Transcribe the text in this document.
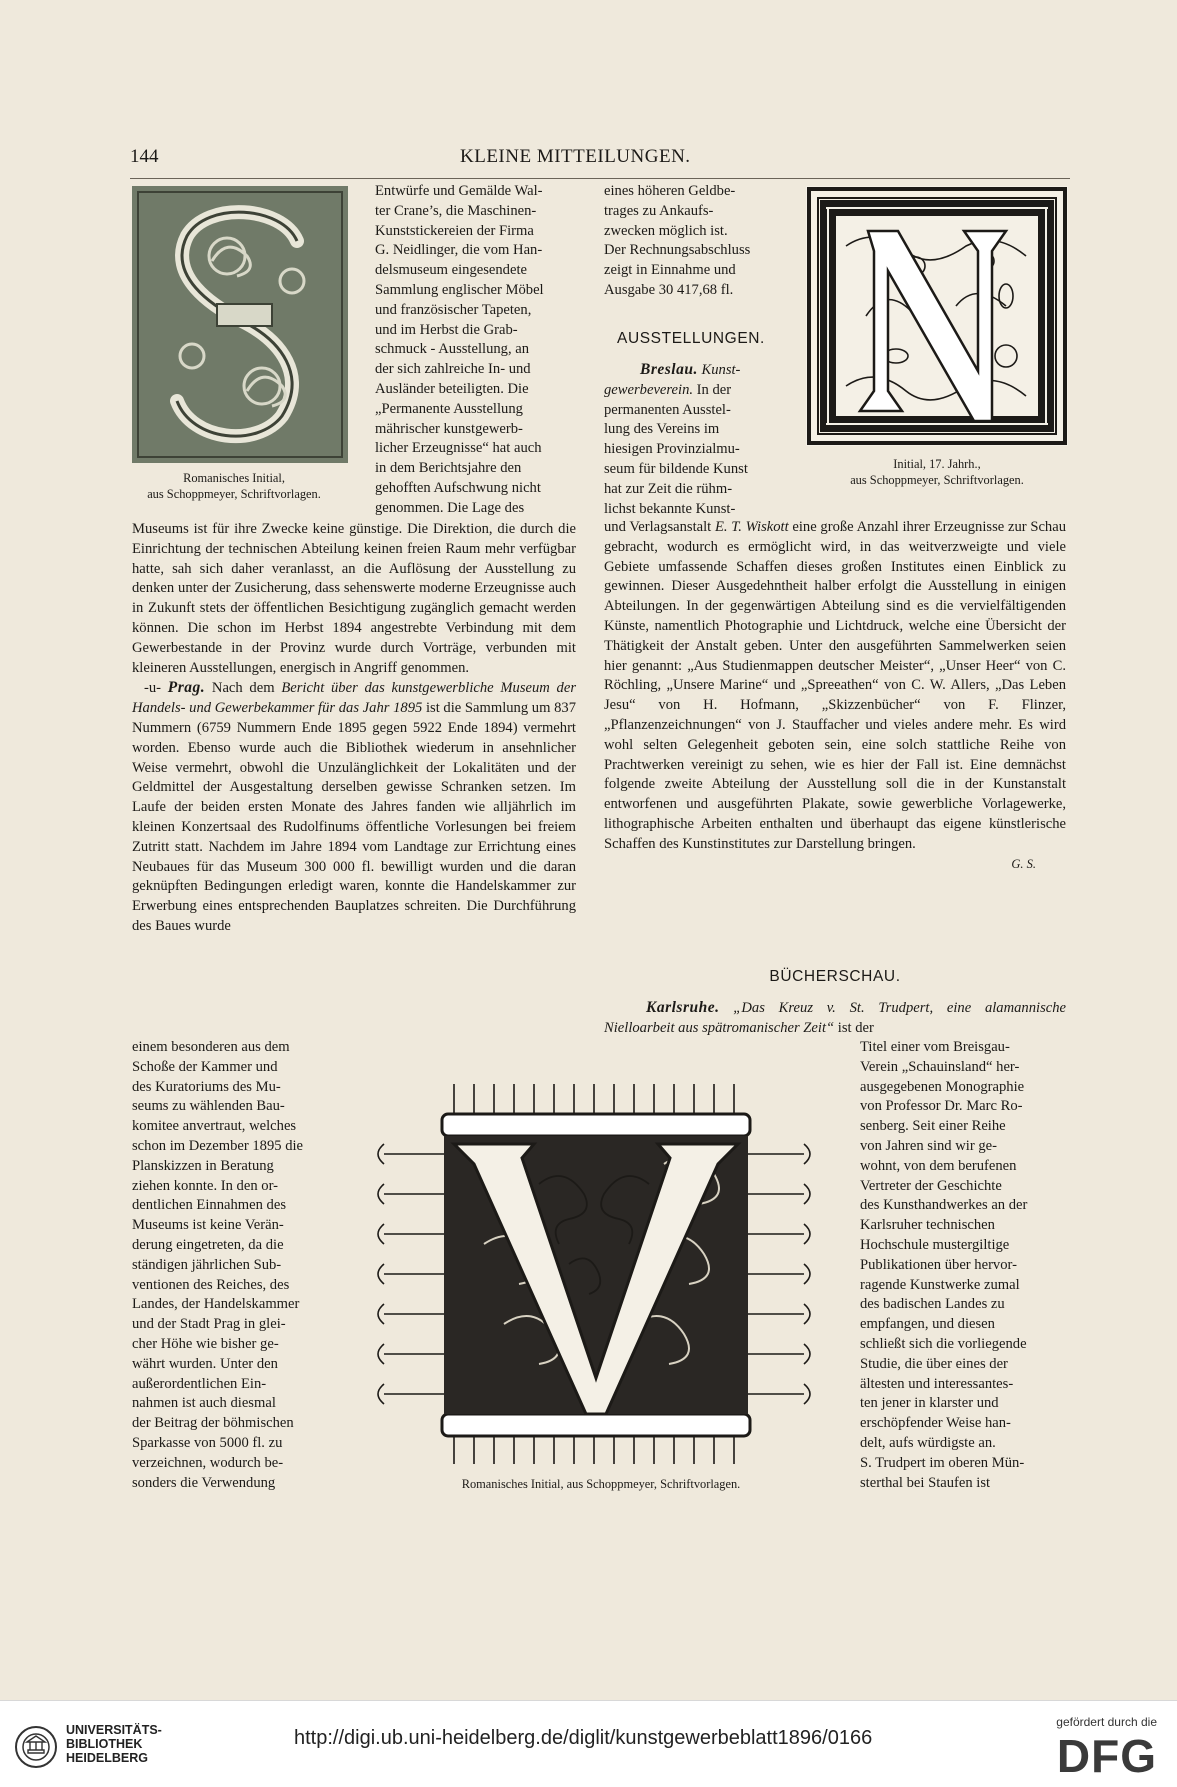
144	KLEINE MITTEILUNGEN.
Romanisches Initial,
aus Schoppmeyer, Schriftvorlagen.

Entwürfe und Gemälde Wal-

ter Crane’s, die Maschinen-

Kunststickereien der Firma

G. Neidlinger, die vom Han-

delsmuseum eingesendete

Sammlung englischer Möbel

und französischer Tapeten,

und im Herbst die Grab-

schmuck - Ausstellung, an

der sich zahlreiche In- und

Ausländer beteiligten. Die

„Permanente Ausstellung

mährischer kunstgewerb-

licher Erzeugnisse“ hat auch

in dem Berichtsjahre den

gehofften Aufschwung nicht

genommen. Die Lage des

Museums ist für ihre Zwecke keine günstige. Die Direktion, die durch die Einrichtung der technischen Abteilung keinen freien Raum mehr verfügbar hatte, sah sich daher veranlasst, an die Auflösung der Ausstellung zu denken unter der Zusicherung, dass sehenswerte moderne Erzeugnisse auch in Zukunft stets der öffentlichen Besichtigung zugänglich gemacht werden können. Die schon im Herbst 1894 angestrebte Verbindung mit dem Gewerbestande in der Provinz wurde durch Vorträge, verbunden mit kleineren Ausstellungen, energisch in Angriff genommen.

-u- Prag. Nach dem Bericht über das kunstgewerbliche Museum der Handels- und Gewerbekammer für das Jahr 1895 ist die Sammlung um 837 Nummern (6759 Nummern Ende 1895 gegen 5922 Ende 1894) vermehrt worden. Ebenso wurde auch die Bibliothek wiederum in ansehnlicher Weise vermehrt, obwohl die Unzulänglichkeit der Lokalitäten und der Geldmittel der Ausgestaltung derselben gewisse Schranken setzen. Im Laufe der beiden ersten Monate des Jahres fanden wie alljährlich im kleinen Konzertsaal des Rudolfinums öffentliche Vorlesungen bei freiem Zutritt statt. Nachdem im Jahre 1894 vom Landtage zur Errichtung eines Neubaues für das Museum 300 000 fl. bewilligt wurden und die daran geknüpften Bedingungen erledigt waren, konnte die Handelskammer zur Erwerbung eines entsprechenden Bauplatzes schreiten. Die Durchführung des Baues wurde

einem besonderen aus dem

Schoße der Kammer und

des Kuratoriums des Mu-

seums zu wählenden Bau-

komitee anvertraut, welches

schon im Dezember 1895 die

Planskizzen in Beratung

ziehen konnte. In den or-

dentlichen Einnahmen des

Museums ist keine Verän-

derung eingetreten, da die

ständigen jährlichen Sub-

ventionen des Reiches, des

Landes, der Handelskammer

und der Stadt Prag in glei-

cher Höhe wie bisher ge-

währt wurden. Unter den

außerordentlichen Ein-

nahmen ist auch diesmal

der Beitrag der böhmischen

Sparkasse von 5000 fl. zu

verzeichnen, wodurch be-

sonders die Verwendung

eines höheren Geldbe-

trages zu Ankaufs-

zwecken möglich ist.

Der Rechnungsabschluss

zeigt in Einnahme und

Ausgabe 30 417,68 fl.

AUSSTELLUNGEN.

Breslau. Kunst-

gewerbeverein. In der

permanenten Ausstel-

lung des Vereins im

hiesigen Provinzialmu-

seum für bildende Kunst

hat zur Zeit die rühm-

lichst bekannte Kunst-

Initial, 17. Jahrh.,
aus Schoppmeyer, Schriftvorlagen.

und Verlagsanstalt E. T. Wiskott eine große Anzahl ihrer Erzeugnisse zur Schau gebracht, wodurch es ermöglicht wird, in das weitverzweigte und viele Gebiete umfassende Schaffen dieses großen Institutes einen Einblick zu gewinnen. Dieser Ausgedehntheit halber erfolgt die Ausstellung in einigen Abteilungen. In der gegenwärtigen Abteilung sind es die vervielfältigenden Künste, namentlich Photographie und Lichtdruck, welche eine Übersicht der Thätigkeit der Anstalt geben. Unter den ausgeführten Sammelwerken seien hier genannt: „Aus Studienmappen deutscher Meister“, „Unser Heer“ von C. Röchling, „Unsere Marine“ und „Spreeathen“ von C. W. Allers, „Das Leben Jesu“ von H. Hofmann, „Skizzenbücher“ von F. Flinzer, „Pflanzenzeichnungen“ von J. Stauffacher und vieles andere mehr. Es wird wohl selten Gelegenheit geboten sein, eine solch stattliche Reihe von Prachtwerken vereinigt zu sehen, wie es hier der Fall ist. Eine demnächst folgende zweite Abteilung der Ausstellung soll die in der Kunstanstalt entworfenen und ausgeführten Plakate, sowie gewerbliche Vorlagewerke, lithographische Arbeiten enthalten und überhaupt das eigene künstlerische Schaffen des Kunstinstitutes zur Darstellung bringen.

G. S.

BÜCHERSCHAU.

Karlsruhe. „Das Kreuz v. St. Trudpert, eine alamannische Nielloarbeit aus spätromanischer Zeit“ ist der

Romanisches Initial, aus Schoppmeyer, Schriftvorlagen.

Titel einer vom Breisgau-

Verein „Schauinsland“ her-

ausgegebenen Monographie

von Professor Dr. Marc Ro-

senberg. Seit einer Reihe

von Jahren sind wir ge-

wohnt, von dem berufenen

Vertreter der Geschichte

des Kunsthandwerkes an der

Karlsruher technischen

Hochschule mustergiltige

Publikationen über hervor-

ragende Kunstwerke zumal

des badischen Landes zu

empfangen, und diesen

schließt sich die vorliegende

Studie, die über eines der

ältesten und interessantes-

ten jener in klarster und

erschöpfender Weise han-

delt, aufs würdigste an.

S. Trudpert im oberen Mün-

sterthal bei Staufen ist

UNIVERSITÄTS-
BIBLIOTHEK
HEIDELBERG
http://digi.ub.uni-heidelberg.de/diglit/kunstgewerbeblatt1896/0166
gefördert durch die
DFG
